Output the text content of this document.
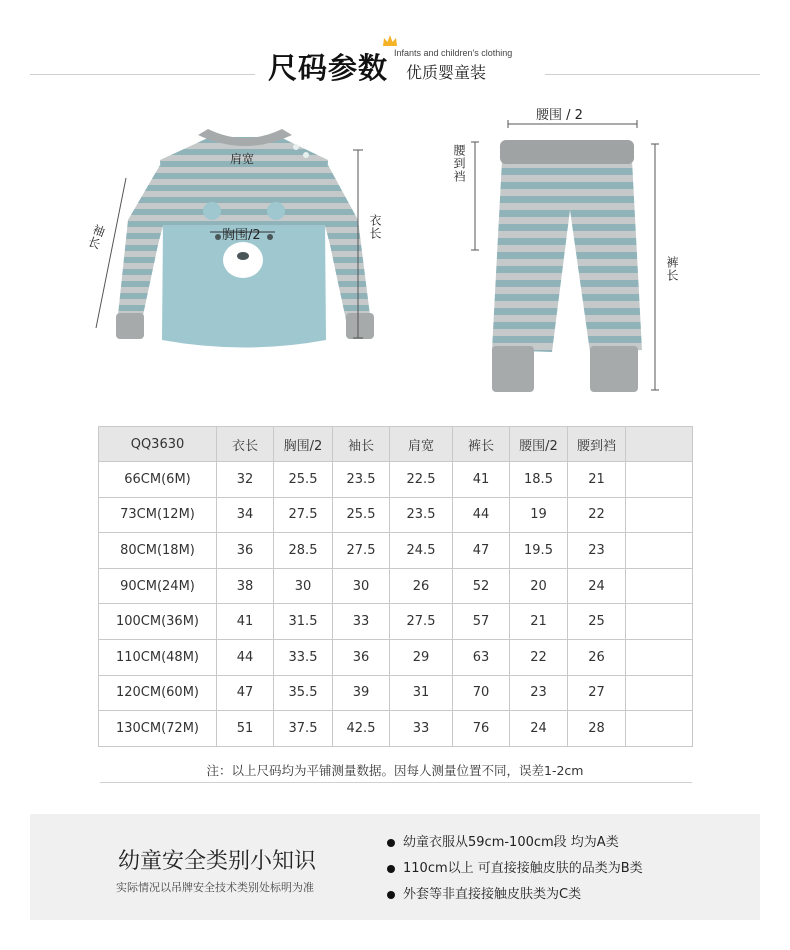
尺码参数 Infants and children's clothing
优质婴童装
肩宽
胸围/2	衣长
袖长
腰围 / 2
腰到裆
裤长
QQ3630	衣长	胸围/2	袖长	肩宽	裤长	腰围/2	腰到裆	
66CM(6M)	32	25.5	23.5	22.5	41	18.5	21	
73CM(12M)	34	27.5	25.5	23.5	44	19	22	
80CM(18M)	36	28.5	27.5	24.5	47	19.5	23	
90CM(24M)	38	30	30	26	52	20	24	
100CM(36M)	41	31.5	33	27.5	57	21	25	
110CM(48M)	44	33.5	36	29	63	22	26	
120CM(60M)	47	35.5	39	31	70	23	27	
130CM(72M)	51	37.5	42.5	33	76	24	28	
注：以上尺码均为平铺测量数据。因每人测量位置不同，误差1-2cm
幼童安全类别小知识
实际情况以吊牌安全技术类别处标明为准
幼童衣服从59cm-100cm段 均为A类
110cm以上 可直接接触皮肤的品类为B类
外套等非直接接触皮肤类为C类
